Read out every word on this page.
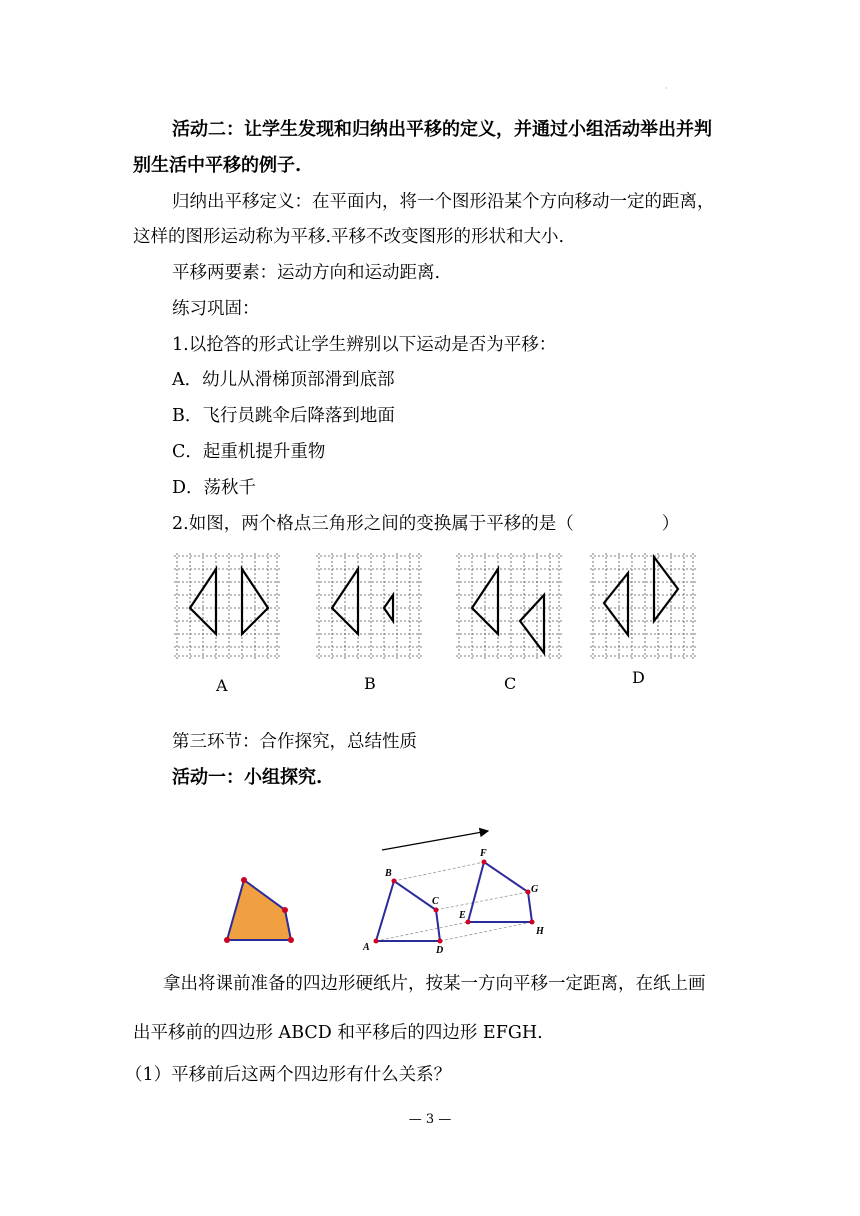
·
活动二：让学生发现和归纳出平移的定义，并通过小组活动举出并判
别生活中平移的例子.
归纳出平移定义：在平面内，将一个图形沿某个方向移动一定的距离，
这样的图形运动称为平移.平移不改变图形的形状和大小.
平移两要素：运动方向和运动距离.
练习巩固：
1.以抢答的形式让学生辨别以下运动是否为平移：
A．幼儿从滑梯顶部滑到底部
B．飞行员跳伞后降落到地面
C．起重机提升重物
D．荡秋千
2.如图，两个格点三角形之间的变换属于平移的是（	）
A	B	C	D
第三环节：合作探究，总结性质
活动一：小组探究.
A
B
C
D
E
F
G
H
拿出将课前准备的四边形硬纸片，按某一方向平移一定距离，在纸上画
出平移前的四边形 ABCD 和平移后的四边形 EFGH.
（1）平移前后这两个四边形有什么关系？
— 3 —
